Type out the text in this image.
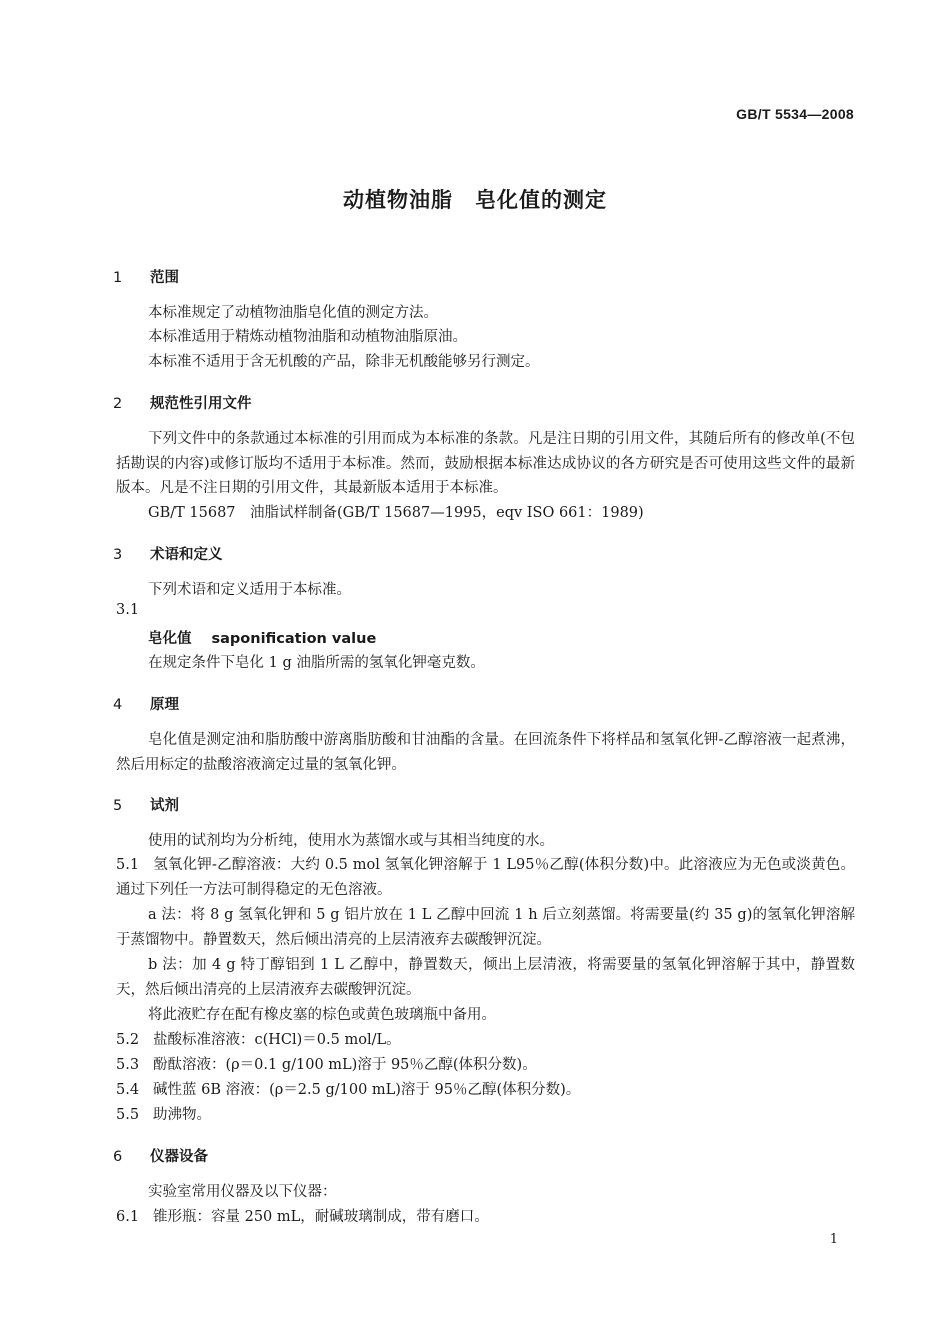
GB/T 5534—2008
动植物油脂　皂化值的测定
1 范围
本标准规定了动植物油脂皂化值的测定方法。
本标准适用于精炼动植物油脂和动植物油脂原油。
本标准不适用于含无机酸的产品，除非无机酸能够另行测定。
2 规范性引用文件
下列文件中的条款通过本标准的引用而成为本标准的条款。凡是注日期的引用文件，其随后所有的修改单(不包括勘误的内容)或修订版均不适用于本标准。然而，鼓励根据本标准达成协议的各方研究是否可使用这些文件的最新版本。凡是不注日期的引用文件，其最新版本适用于本标准。
GB/T 15687　油脂试样制备(GB/T 15687—1995，eqv ISO 661：1989)
3 术语和定义
下列术语和定义适用于本标准。
3.1
皂化值 saponification value
在规定条件下皂化 1 g 油脂所需的氢氧化钾毫克数。
4 原理
皂化值是测定油和脂肪酸中游离脂肪酸和甘油酯的含量。在回流条件下将样品和氢氧化钾-乙醇溶液一起煮沸，然后用标定的盐酸溶液滴定过量的氢氧化钾。
5 试剂
使用的试剂均为分析纯，使用水为蒸馏水或与其相当纯度的水。
5.1 氢氧化钾-乙醇溶液：大约 0.5 mol 氢氧化钾溶解于 1 L95％乙醇(体积分数)中。此溶液应为无色或淡黄色。通过下列任一方法可制得稳定的无色溶液。
a 法：将 8 g 氢氧化钾和 5 g 铝片放在 1 L 乙醇中回流 1 h 后立刻蒸馏。将需要量(约 35 g)的氢氧化钾溶解于蒸馏物中。静置数天，然后倾出清亮的上层清液弃去碳酸钾沉淀。
b 法：加 4 g 特丁醇铝到 1 L 乙醇中，静置数天，倾出上层清液，将需要量的氢氧化钾溶解于其中，静置数天，然后倾出清亮的上层清液弃去碳酸钾沉淀。
将此液贮存在配有橡皮塞的棕色或黄色玻璃瓶中备用。
5.2 盐酸标准溶液：c(HCl)＝0.5 mol/L。
5.3 酚酞溶液：(ρ＝0.1 g/100 mL)溶于 95％乙醇(体积分数)。
5.4 碱性蓝 6B 溶液：(ρ＝2.5 g/100 mL)溶于 95％乙醇(体积分数)。
5.5 助沸物。
6 仪器设备
实验室常用仪器及以下仪器：
6.1 锥形瓶：容量 250 mL，耐碱玻璃制成，带有磨口。
1
